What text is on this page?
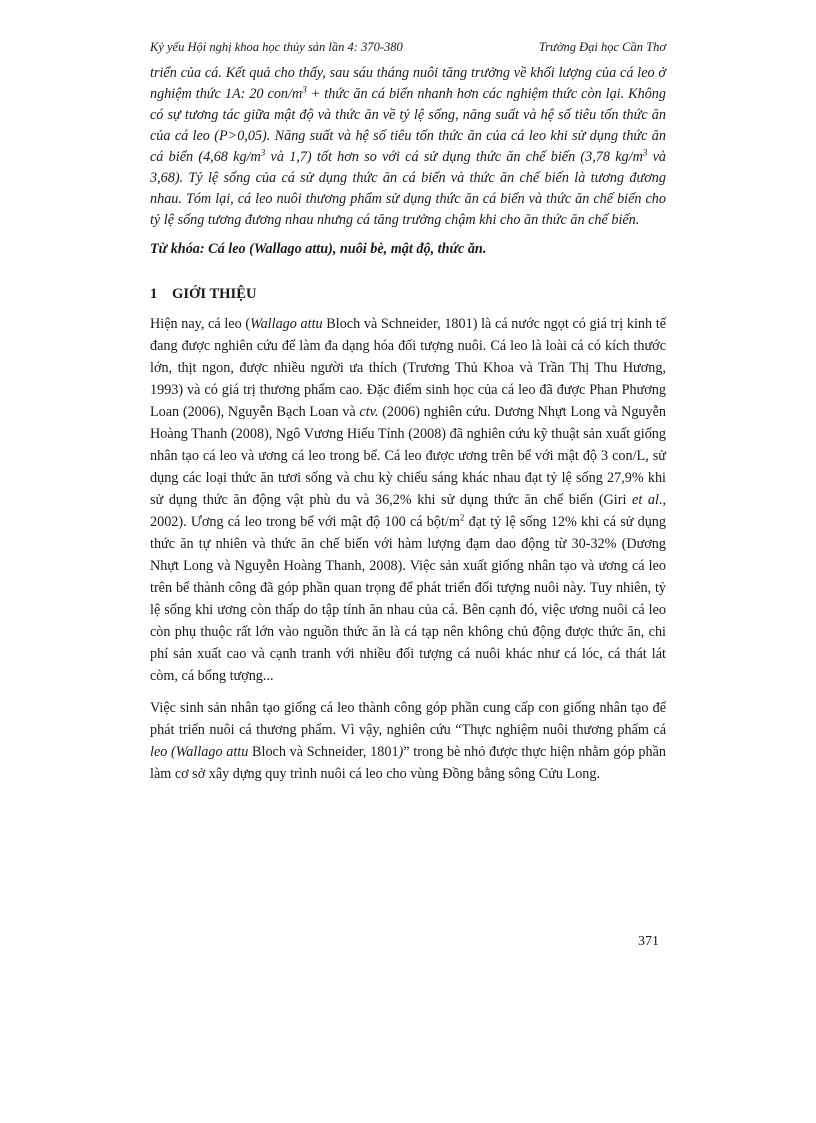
Kỷ yếu Hội nghị khoa học thủy sản lần 4: 370-380	Trường Đại học Cần Thơ

triển của cá. Kết quả cho thấy, sau sáu tháng nuôi tăng trưởng về khối lượng của cá leo ở nghiệm thức 1A: 20 con/$m^3$ + thức ăn cá biển nhanh hơn các nghiệm thức còn lại. Không có sự tương tác giữa mật độ và thức ăn về tỷ lệ sống, năng suất và hệ số tiêu tốn thức ăn của cá leo (P>0,05). Năng suất và hệ số tiêu tốn thức ăn của cá leo khi sử dụng thức ăn cá biển (4,68 $kg/m^3$ và 1,7) tốt hơn so với cá sử dụng thức ăn chế biến (3,78 $kg/m^3$ và 3,68). Tỷ lệ sống của cá sử dụng thức ăn cá biển và thức ăn chế biến là tương đương nhau. Tóm lại, cá leo nuôi thương phẩm sử dụng thức ăn cá biển và thức ăn chế biến cho tỷ lệ sống tương đương nhau nhưng cá tăng trưởng chậm khi cho ăn thức ăn chế biến.

Từ khóa: Cá leo (Wallago attu), nuôi bè, mật độ, thức ăn.

1 GIỚI THIỆU

Hiện nay, cá leo (Wallago attu Bloch và Schneider, 1801) là cá nước ngọt có giá trị kinh tế đang được nghiên cứu để làm đa dạng hóa đối tượng nuôi. Cá leo là loài cá có kích thước lớn, thịt ngon, được nhiều người ưa thích (Trương Thủ Khoa và Trần Thị Thu Hương, 1993) và có giá trị thương phẩm cao. Đặc điểm sinh học của cá leo đã được Phan Phương Loan (2006), Nguyễn Bạch Loan và ctv. (2006) nghiên cứu. Dương Nhựt Long và Nguyễn Hoàng Thanh (2008), Ngô Vương Hiếu Tính (2008) đã nghiên cứu kỹ thuật sản xuất giống nhân tạo cá leo và ương cá leo trong bể. Cá leo được ương trên bể với mật độ 3 con/L, sử dụng các loại thức ăn tươi sống và chu kỳ chiếu sáng khác nhau đạt tỷ lệ sống 27,9% khi sử dụng thức ăn động vật phù du và 36,2% khi sử dụng thức ăn chế biến (Giri et al., 2002). Ương cá leo trong bể với mật độ 100 cá bột/$m^2$ đạt tỷ lệ sống 12% khi cá sử dụng thức ăn tự nhiên và thức ăn chế biến với hàm lượng đạm dao động từ 30-32% (Dương Nhựt Long và Nguyễn Hoàng Thanh, 2008). Việc sản xuất giống nhân tạo và ương cá leo trên bể thành công đã góp phần quan trọng để phát triển đối tượng nuôi này. Tuy nhiên, tỷ lệ sống khi ương còn thấp do tập tính ăn nhau của cá. Bên cạnh đó, việc ương nuôi cá leo còn phụ thuộc rất lớn vào nguồn thức ăn là cá tạp nên không chủ động được thức ăn, chi phí sản xuất cao và cạnh tranh với nhiều đối tượng cá nuôi khác như cá lóc, cá thát lát còm, cá bống tượng...

Việc sinh sản nhân tạo giống cá leo thành công góp phần cung cấp con giống nhân tạo để phát triển nuôi cá thương phẩm. Vì vậy, nghiên cứu “Thực nghiệm nuôi thương phẩm cá leo (Wallago attu Bloch và Schneider, 1801)” trong bè nhỏ được thực hiện nhằm góp phần làm cơ sở xây dựng quy trình nuôi cá leo cho vùng Đồng bằng sông Cửu Long.

371
